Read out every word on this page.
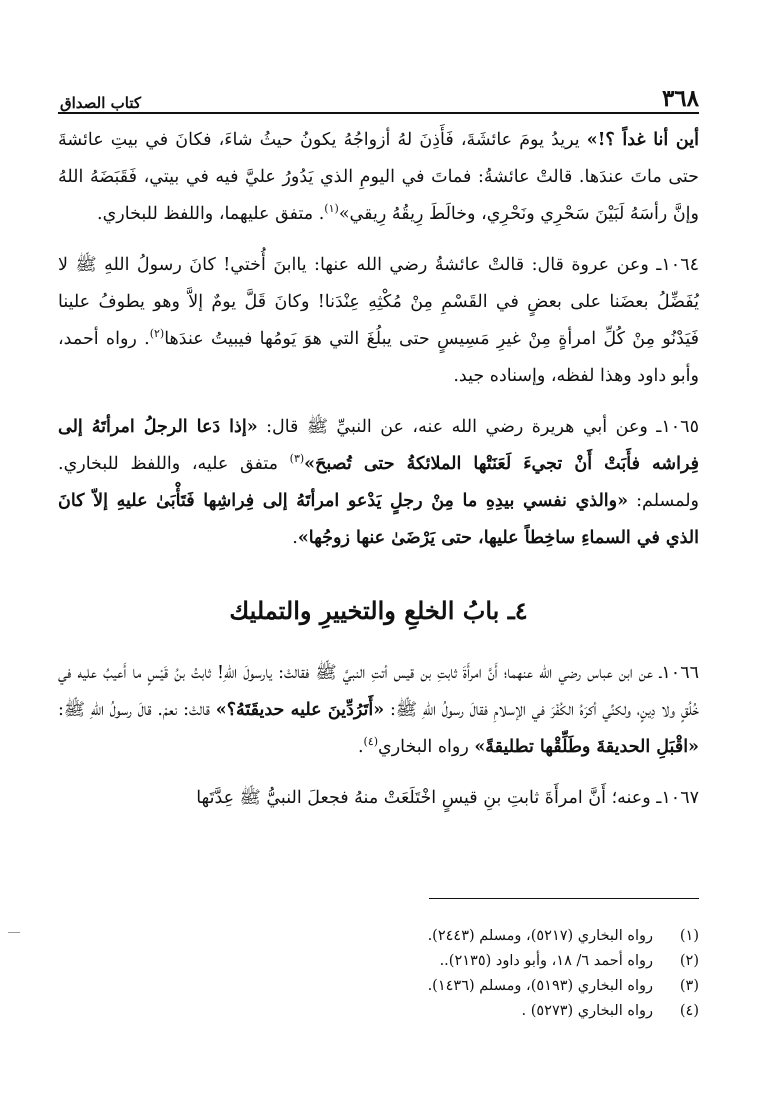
٣٦٨
كتاب الصداق

أين أنا غداً ؟!» يريدُ يومَ عائشَةَ، فَأَذِنَ لهُ أزواجُهُ يكونُ حيثُ شاءَ، فكانَ في بيتِ عائشةَ حتى ماتَ عندَها. قالتْ عائشةُ: فماتَ في اليومِ الذي يَدُورُ عليَّ فيه في بيتي، فَقَبَضَهُ اللهُ وإنَّ رأسَهُ لَبَيْنَ سَحْرِي ونَحْرِي، وخالَطَ رِيقُهُ رِيقي»$^{(١)}$. متفق عليهما، واللفظ للبخاري.

١٠٦٤ـ وعن عروة قال: قالتْ عائشةُ رضي الله عنها: ياابنَ أُختي! كانَ رسولُ اللهِ ﷺ لا يُفَضِّلُ بعضَنا على بعضٍ في القَسْمِ مِنْ مُكْثِهِ عِنْدَنا! وكانَ قَلَّ يومٌ إلاَّ وهو يطوفُ علينا فَيَدْنُو مِنْ كُلِّ امرأةٍ مِنْ غيرِ مَسِيسٍ حتى يبلُغَ التي هوَ يَومُها فيبيتُ عندَها$^{(٢)}$. رواه أحمد، وأبو داود وهذا لفظه، وإسناده جيد.

١٠٦٥ـ وعن أبي هريرة رضي الله عنه، عن النبيِّ ﷺ قال: «إذا دَعا الرجلُ امرأتَهُ إلى فِراشه فأَبَتْ أَنْ تجيءَ لَعَنَتْها الملائكةُ حتى تُصبحَ»$^{(٣)}$ متفق عليه، واللفظ للبخاري. ولمسلم: «والذي نفسي بيدِهِ ما مِنْ رجلٍ يَدْعو امرأتَهُ إلى فِراشِها فَتَأْبَىٰ عليهِ إلاّ كانَ الذي في السماءِ ساخِطاً عليها، حتى يَرْضَىٰ عنها زوجُها».

٤ـ بابُ الخلعِ والتخييرِ والتمليك

١٠٦٦ـ عن ابن عباس رضي الله عنهما؛ أَنَّ امرأَةَ ثابتِ بن قيس أتتِ النبيَّ ﷺ فقالتْ: يارسولَ اللهِ! ثابتُ بنُ قَيْسٍ ما أَعيبُ عليه في خُلُقٍ ولا دِينٍ، ولكنِّي أكرَهُ الكُفْرَ في الإسلامِ فقالَ رسولُ اللهِ ﷺ: «أَتَرُدِّينَ عليه حديقَتَهُ؟» قالتْ: نعمْ. قالَ رسولُ اللهِ ﷺ: «اقْبَلِ الحديقةَ وطَلِّقْها تطليقةً» رواه البخاري$^{(٤)}$.

١٠٦٧ـ وعنه؛ أَنَّ امرأَةَ ثابتِ بنِ قيسٍ اخْتَلَعَتْ منهُ فجعلَ النبيُّ ﷺ عِدَّتَها

(١)
رواه البخاري (٥٢١٧)، ومسلم (٢٤٤٣).
(٢)
رواه أحمد ٦/ ١٨، وأبو داود (٢١٣٥)..
(٣)
رواه البخاري (٥١٩٣)، ومسلم (١٤٣٦).
(٤)
رواه البخاري (٥٢٧٣) .
